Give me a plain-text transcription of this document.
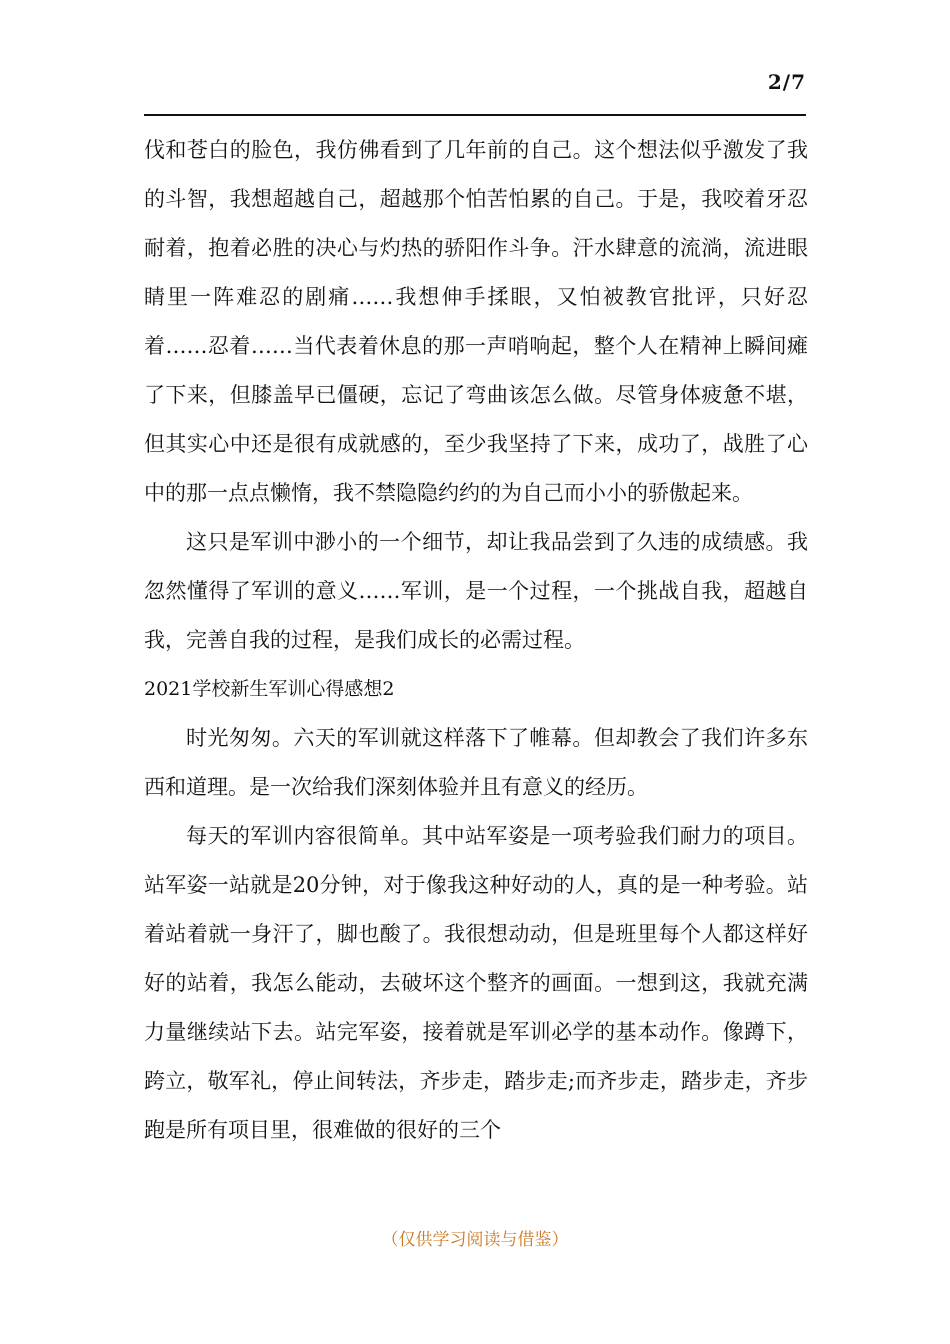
2/7

伐和苍白的脸色，我仿佛看到了几年前的自己。这个想法似乎激发了我的斗智，我想超越自己，超越那个怕苦怕累的自己。于是，我咬着牙忍耐着，抱着必胜的决心与灼热的骄阳作斗争。汗水肆意的流淌，流进眼睛里一阵难忍的剧痛……我想伸手揉眼，又怕被教官批评，只好忍着……忍着……当代表着休息的那一声哨响起，整个人在精神上瞬间瘫了下来，但膝盖早已僵硬，忘记了弯曲该怎么做。尽管身体疲惫不堪，但其实心中还是很有成就感的，至少我坚持了下来，成功了，战胜了心中的那一点点懒惰，我不禁隐隐约约的为自己而小小的骄傲起来。

这只是军训中渺小的一个细节，却让我品尝到了久违的成绩感。我忽然懂得了军训的意义……军训，是一个过程，一个挑战自我，超越自我，完善自我的过程，是我们成长的必需过程。

2021学校新生军训心得感想2

时光匆匆。六天的军训就这样落下了帷幕。但却教会了我们许多东西和道理。是一次给我们深刻体验并且有意义的经历。

每天的军训内容很简单。其中站军姿是一项考验我们耐力的项目。站军姿一站就是20分钟，对于像我这种好动的人，真的是一种考验。站着站着就一身汗了，脚也酸了。我很想动动，但是班里每个人都这样好好的站着，我怎么能动，去破坏这个整齐的画面。一想到这，我就充满力量继续站下去。站完军姿，接着就是军训必学的基本动作。像蹲下，跨立，敬军礼，停止间转法，齐步走，踏步走;而齐步走，踏步走，齐步跑是所有项目里，很难做的很好的三个

（仅供学习阅读与借鉴）
